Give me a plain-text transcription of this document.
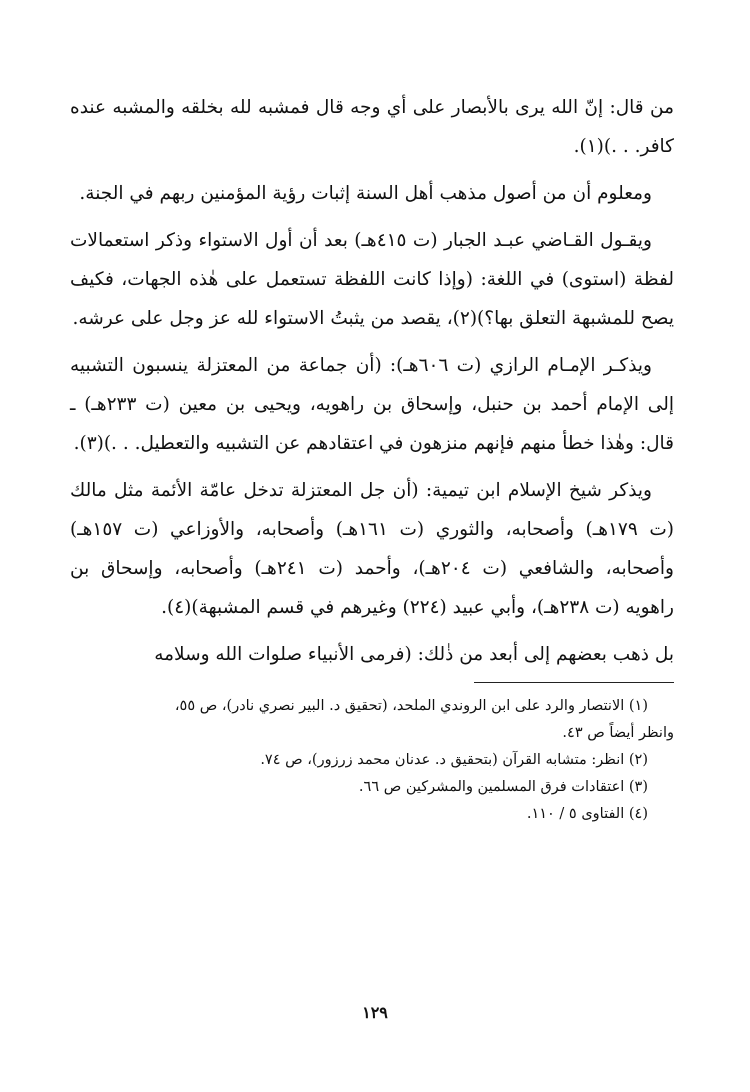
من قال: إنّ الله يرى بالأبصار على أي وجه قال فمشبه لله بخلقه والمشبه عنده كافر. . .)(١).

ومعلوم أن من أصول مذهب أهل السنة إثبات رؤية المؤمنين ربهم في الجنة.

ويقـول القـاضي عبـد الجبار (ت ٤١٥هـ) بعد أن أول الاستواء وذكر استعمالات لفظة (استوى) في اللغة: (وإذا كانت اللفظة تستعمل على هٰذه الجهات، فكيف يصح للمشبهة التعلق بها؟)(٢)، يقصد من يثبتُ الاستواء لله عز وجل على عرشه.

ويذكـر الإمـام الرازي (ت ٦٠٦هـ): (أن جماعة من المعتزلة ينسبون التشبيه إلى الإمام أحمد بن حنبل، وإسحاق بن راهويه، ويحيى بن معين (ت ٢٣٣هـ) ـ قال: وهٰذا خطأ منهم فإنهم منزهون في اعتقادهم عن التشبيه والتعطيل. . .)(٣).

ويذكر شيخ الإسلام ابن تيمية: (أن جل المعتزلة تدخل عامّة الأئمة مثل مالك (ت ١٧٩هـ) وأصحابه، والثوري (ت ١٦١هـ) وأصحابه، والأوزاعي (ت ١٥٧هـ) وأصحابه، والشافعي (ت ٢٠٤هـ)، وأحمد (ت ٢٤١هـ) وأصحابه، وإسحاق بن راهويه (ت ٢٣٨هـ)، وأبي عبيد (٢٢٤) وغيرهم في قسم المشبهة)(٤).

بل ذهب بعضهم إلى أبعد من ذٰلك: (فرمى الأنبياء صلوات الله وسلامه

(١) الانتصار والرد على ابن الروندي الملحد، (تحقيق د. البير نصري نادر)، ص ٥٥،

وانظر أيضاً ص ٤٣.

(٢) انظر: متشابه القرآن (بتحقيق د. عدنان محمد زرزور)، ص ٧٤.

(٣) اعتقادات فرق المسلمين والمشركين ص ٦٦.

(٤) الفتاوى ٥ / ١١٠.

١٢٩
